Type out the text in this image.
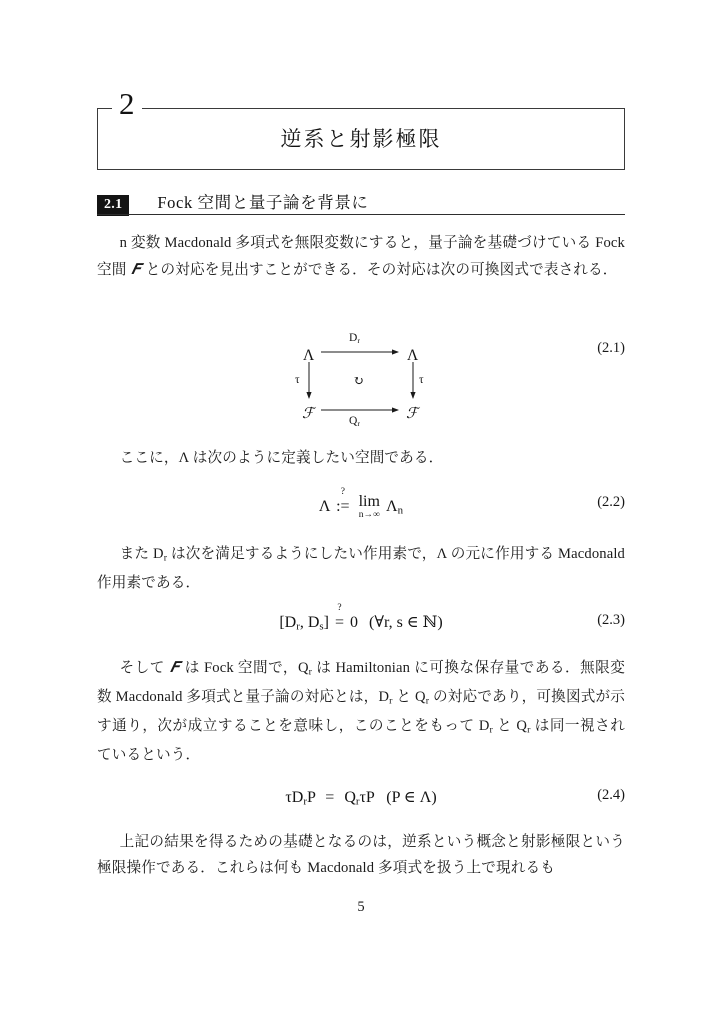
2
逆系と射影極限
2.1	Fock 空間と量子論を背景に
n 変数 Macdonald 多項式を無限変数にすると，量子論を基礎づけている Fock 空間 𝑭 との対応を見出すことができる．その対応は次の可換図式で表される．
Λ	Λ
ℱ	ℱ
$D_r$
$Q_r$
τ	τ
↻
(2.1)
ここに，Λ は次のように定義したい空間である．
Λ
?
:= lim
n→∞
$\Lambda_n$
(2.2)
また $D_r$ は次を満足するようにしたい作用素で，Λ の元に作用する Macdonald 作用素である．
[$D_r$, $D_s$]
?
= 0 (∀r, s ∈ ℕ)	(2.3)
そして 𝑭 は Fock 空間で，$Q_r$ は Hamiltonian に可換な保存量である．無限変数 Macdonald 多項式と量子論の対応とは，$D_r$ と $Q_r$ の対応であり，可換図式が示す通り，次が成立することを意味し，このことをもって $D_r$ と $Q_r$ は同一視されているという．
$\tau D_rP = Q_r\tau P$ (P ∈ Λ)	(2.4)
上記の結果を得るための基礎となるのは，逆系という概念と射影極限という極限操作である．これらは何も Macdonald 多項式を扱う上で現れるも
5
